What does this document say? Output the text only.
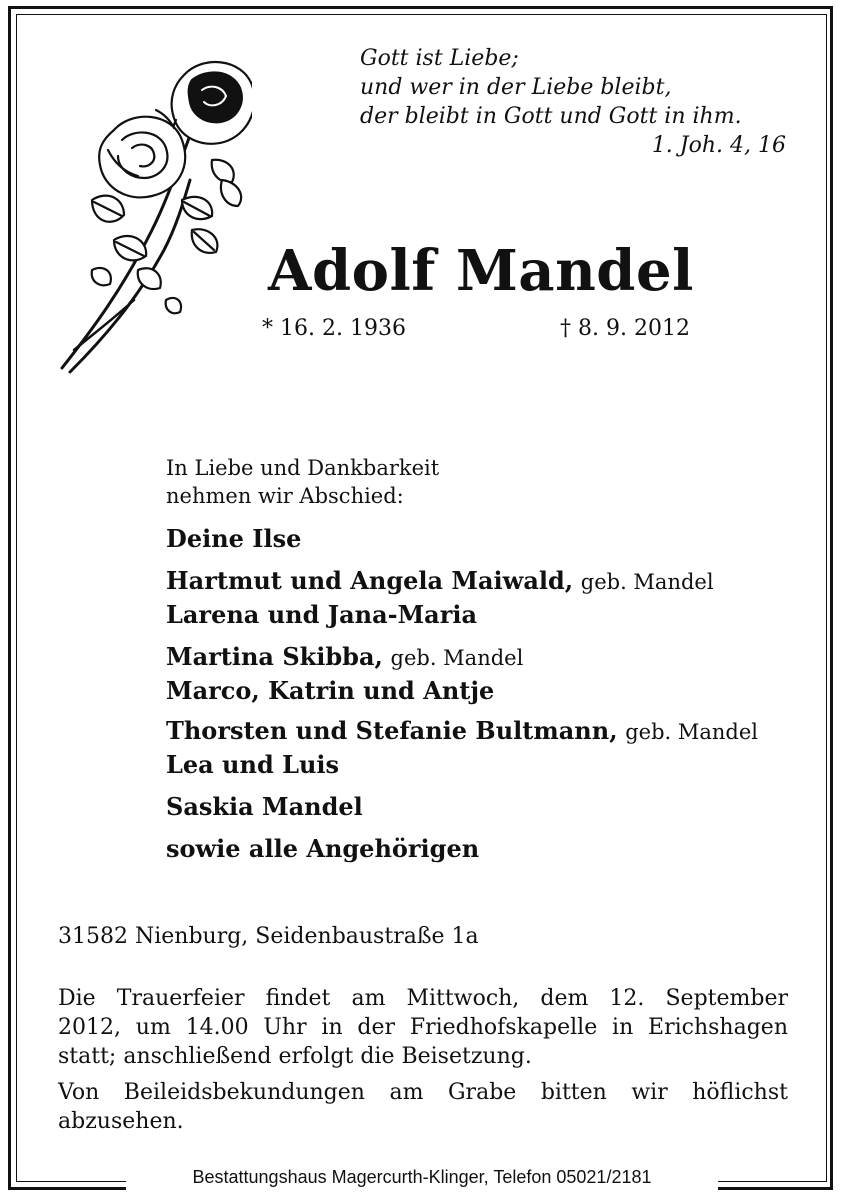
Gott ist Liebe;
und wer in der Liebe bleibt,
der bleibt in Gott und Gott in ihm.
1. Joh. 4, 16
Adolf Mandel
* 16. 2. 1936	† 8. 9. 2012
In Liebe und Dankbarkeit
nehmen wir Abschied:
Deine Ilse
Hartmut und Angela Maiwald, geb. Mandel
Larena und Jana-Maria
Martina Skibba, geb. Mandel
Marco, Katrin und Antje
Thorsten und Stefanie Bultmann, geb. Mandel
Lea und Luis
Saskia Mandel
sowie alle Angehörigen
31582 Nienburg, Seidenbaustraße 1a
Die Trauerfeier findet am Mittwoch, dem 12. September
2012, um 14.00 Uhr in der Friedhofskapelle in Erichshagen
statt; anschließend erfolgt die Beisetzung.
Von Beileidsbekundungen am Grabe bitten wir höflichst
abzusehen.
Bestattungshaus Magercurth-Klinger, Telefon 05021/2181
